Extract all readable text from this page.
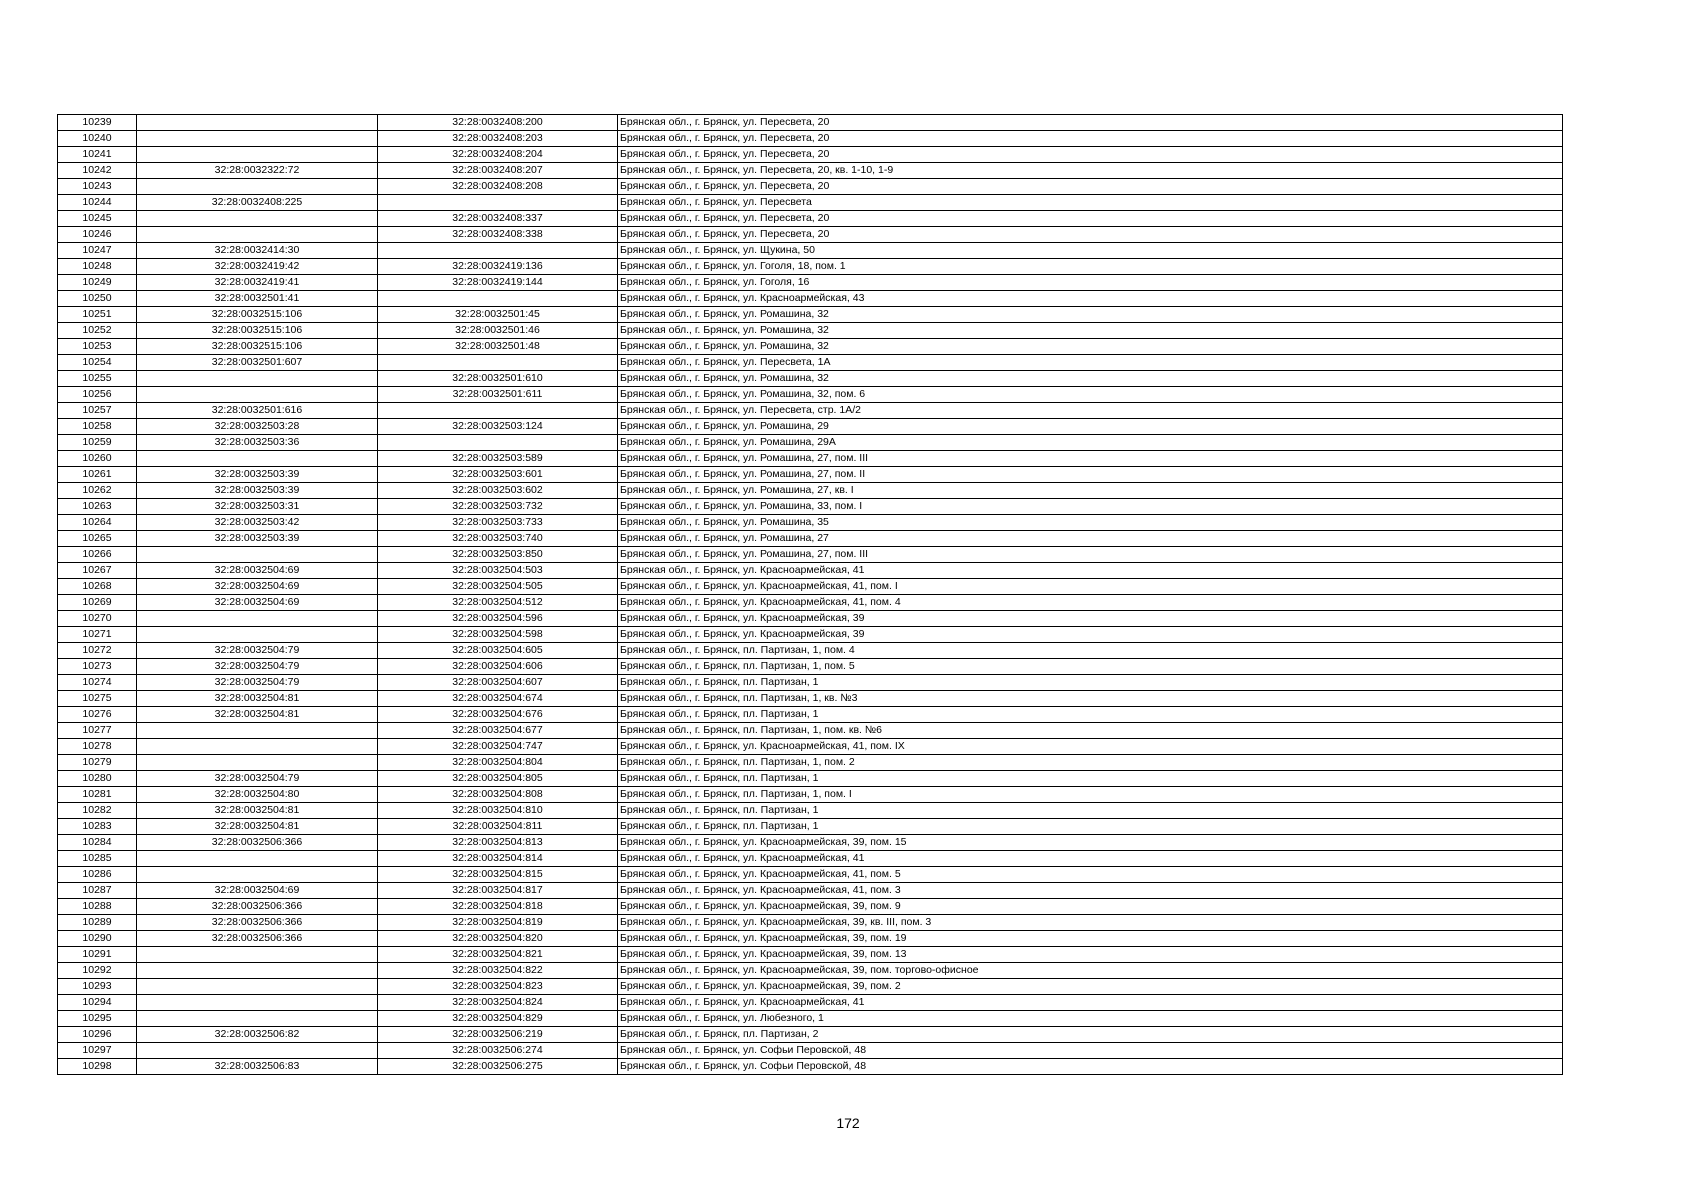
10239		32:28:0032408:200	Брянская обл., г. Брянск, ул. Пересвета, 20
10240		32:28:0032408:203	Брянская обл., г. Брянск, ул. Пересвета, 20
10241		32:28:0032408:204	Брянская обл., г. Брянск, ул. Пересвета, 20
10242	32:28:0032322:72	32:28:0032408:207	Брянская обл., г. Брянск, ул. Пересвета, 20, кв. 1-10, 1-9
10243		32:28:0032408:208	Брянская обл., г. Брянск, ул. Пересвета, 20
10244	32:28:0032408:225		Брянская обл., г. Брянск, ул. Пересвета
10245		32:28:0032408:337	Брянская обл., г. Брянск, ул. Пересвета, 20
10246		32:28:0032408:338	Брянская обл., г. Брянск, ул. Пересвета, 20
10247	32:28:0032414:30		Брянская обл., г. Брянск, ул. Щукина, 50
10248	32:28:0032419:42	32:28:0032419:136	Брянская обл., г. Брянск, ул. Гоголя, 18, пом. 1
10249	32:28:0032419:41	32:28:0032419:144	Брянская обл., г. Брянск, ул. Гоголя, 16
10250	32:28:0032501:41		Брянская обл., г. Брянск, ул. Красноармейская, 43
10251	32:28:0032515:106	32:28:0032501:45	Брянская обл., г. Брянск, ул. Ромашина, 32
10252	32:28:0032515:106	32:28:0032501:46	Брянская обл., г. Брянск, ул. Ромашина, 32
10253	32:28:0032515:106	32:28:0032501:48	Брянская обл., г. Брянск, ул. Ромашина, 32
10254	32:28:0032501:607		Брянская обл., г. Брянск, ул. Пересвета, 1А
10255		32:28:0032501:610	Брянская обл., г. Брянск, ул. Ромашина, 32
10256		32:28:0032501:611	Брянская обл., г. Брянск, ул. Ромашина, 32, пом. 6
10257	32:28:0032501:616		Брянская обл., г. Брянск, ул. Пересвета, стр. 1А/2
10258	32:28:0032503:28	32:28:0032503:124	Брянская обл., г. Брянск, ул. Ромашина, 29
10259	32:28:0032503:36		Брянская обл., г. Брянск, ул. Ромашина, 29А
10260		32:28:0032503:589	Брянская обл., г. Брянск, ул. Ромашина, 27, пом. III
10261	32:28:0032503:39	32:28:0032503:601	Брянская обл., г. Брянск, ул. Ромашина, 27, пом. II
10262	32:28:0032503:39	32:28:0032503:602	Брянская обл., г. Брянск, ул. Ромашина, 27, кв. I
10263	32:28:0032503:31	32:28:0032503:732	Брянская обл., г. Брянск, ул. Ромашина, 33, пом. I
10264	32:28:0032503:42	32:28:0032503:733	Брянская обл., г. Брянск, ул. Ромашина, 35
10265	32:28:0032503:39	32:28:0032503:740	Брянская обл., г. Брянск, ул. Ромашина, 27
10266		32:28:0032503:850	Брянская обл., г. Брянск, ул. Ромашина, 27, пом. III
10267	32:28:0032504:69	32:28:0032504:503	Брянская обл., г. Брянск, ул. Красноармейская, 41
10268	32:28:0032504:69	32:28:0032504:505	Брянская обл., г. Брянск, ул. Красноармейская, 41, пом. I
10269	32:28:0032504:69	32:28:0032504:512	Брянская обл., г. Брянск, ул. Красноармейская, 41, пом. 4
10270		32:28:0032504:596	Брянская обл., г. Брянск, ул. Красноармейская, 39
10271		32:28:0032504:598	Брянская обл., г. Брянск, ул. Красноармейская, 39
10272	32:28:0032504:79	32:28:0032504:605	Брянская обл., г. Брянск, пл. Партизан, 1, пом. 4
10273	32:28:0032504:79	32:28:0032504:606	Брянская обл., г. Брянск, пл. Партизан, 1, пом. 5
10274	32:28:0032504:79	32:28:0032504:607	Брянская обл., г. Брянск, пл. Партизан, 1
10275	32:28:0032504:81	32:28:0032504:674	Брянская обл., г. Брянск, пл. Партизан, 1, кв. №3
10276	32:28:0032504:81	32:28:0032504:676	Брянская обл., г. Брянск, пл. Партизан, 1
10277		32:28:0032504:677	Брянская обл., г. Брянск, пл. Партизан, 1, пом. кв. №6
10278		32:28:0032504:747	Брянская обл., г. Брянск, ул. Красноармейская, 41, пом. IX
10279		32:28:0032504:804	Брянская обл., г. Брянск, пл. Партизан, 1, пом. 2
10280	32:28:0032504:79	32:28:0032504:805	Брянская обл., г. Брянск, пл. Партизан, 1
10281	32:28:0032504:80	32:28:0032504:808	Брянская обл., г. Брянск, пл. Партизан, 1, пом. I
10282	32:28:0032504:81	32:28:0032504:810	Брянская обл., г. Брянск, пл. Партизан, 1
10283	32:28:0032504:81	32:28:0032504:811	Брянская обл., г. Брянск, пл. Партизан, 1
10284	32:28:0032506:366	32:28:0032504:813	Брянская обл., г. Брянск, ул. Красноармейская, 39, пом. 15
10285		32:28:0032504:814	Брянская обл., г. Брянск, ул. Красноармейская, 41
10286		32:28:0032504:815	Брянская обл., г. Брянск, ул. Красноармейская, 41, пом. 5
10287	32:28:0032504:69	32:28:0032504:817	Брянская обл., г. Брянск, ул. Красноармейская, 41, пом. 3
10288	32:28:0032506:366	32:28:0032504:818	Брянская обл., г. Брянск, ул. Красноармейская, 39, пом. 9
10289	32:28:0032506:366	32:28:0032504:819	Брянская обл., г. Брянск, ул. Красноармейская, 39, кв. III, пом. 3
10290	32:28:0032506:366	32:28:0032504:820	Брянская обл., г. Брянск, ул. Красноармейская, 39, пом. 19
10291		32:28:0032504:821	Брянская обл., г. Брянск, ул. Красноармейская, 39, пом. 13
10292		32:28:0032504:822	Брянская обл., г. Брянск, ул. Красноармейская, 39, пом. торгово-офисное
10293		32:28:0032504:823	Брянская обл., г. Брянск, ул. Красноармейская, 39, пом. 2
10294		32:28:0032504:824	Брянская обл., г. Брянск, ул. Красноармейская, 41
10295		32:28:0032504:829	Брянская обл., г. Брянск, ул. Любезного, 1
10296	32:28:0032506:82	32:28:0032506:219	Брянская обл., г. Брянск, пл. Партизан, 2
10297		32:28:0032506:274	Брянская обл., г. Брянск, ул. Софьи Перовской, 48
10298	32:28:0032506:83	32:28:0032506:275	Брянская обл., г. Брянск, ул. Софьи Перовской, 48
172
